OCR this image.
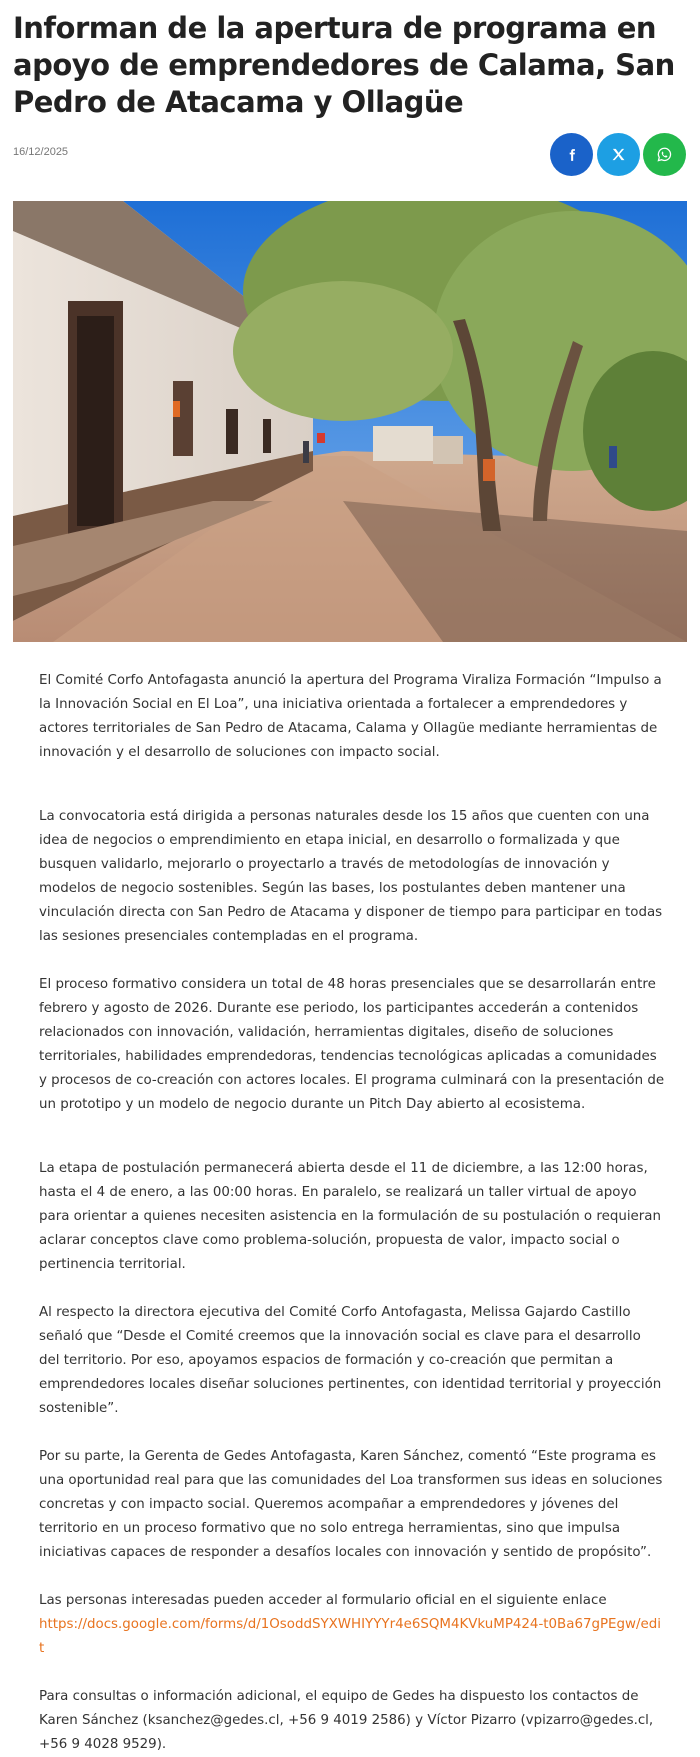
Informan de la apertura de programa en apoyo de emprendedores de Calama, San Pedro de Atacama y Ollagüe
16/12/2025

El Comité Corfo Antofagasta anunció la apertura del Programa Viraliza Formación “Impulso a la Innovación Social en El Loa”, una iniciativa orientada a fortalecer a emprendedores y actores territoriales de San Pedro de Atacama, Calama y Ollagüe mediante herramientas de innovación y el desarrollo de soluciones con impacto social.

La convocatoria está dirigida a personas naturales desde los 15 años que cuenten con una idea de negocios o emprendimiento en etapa inicial, en desarrollo o formalizada y que busquen validarlo, mejorarlo o proyectarlo a través de metodologías de innovación y modelos de negocio sostenibles. Según las bases, los postulantes deben mantener una vinculación directa con San Pedro de Atacama y disponer de tiempo para participar en todas las sesiones presenciales contempladas en el programa.

El proceso formativo considera un total de 48 horas presenciales que se desarrollarán entre febrero y agosto de 2026. Durante ese periodo, los participantes accederán a contenidos relacionados con innovación, validación, herramientas digitales, diseño de soluciones territoriales, habilidades emprendedoras, tendencias tecnológicas aplicadas a comunidades y procesos de co-creación con actores locales. El programa culminará con la presentación de un prototipo y un modelo de negocio durante un Pitch Day abierto al ecosistema.

La etapa de postulación permanecerá abierta desde el 11 de diciembre, a las 12:00 horas, hasta el 4 de enero, a las 00:00 horas. En paralelo, se realizará un taller virtual de apoyo para orientar a quienes necesiten asistencia en la formulación de su postulación o requieran aclarar conceptos clave como problema-solución, propuesta de valor, impacto social o pertinencia territorial.

Al respecto la directora ejecutiva del Comité Corfo Antofagasta, Melissa Gajardo Castillo señaló que “Desde el Comité creemos que la innovación social es clave para el desarrollo del territorio. Por eso, apoyamos espacios de formación y co-creación que permitan a emprendedores locales diseñar soluciones pertinentes, con identidad territorial y proyección sostenible”.

Por su parte, la Gerenta de Gedes Antofagasta, Karen Sánchez, comentó “Este programa es una oportunidad real para que las comunidades del Loa transformen sus ideas en soluciones concretas y con impacto social. Queremos acompañar a emprendedores y jóvenes del territorio en un proceso formativo que no solo entrega herramientas, sino que impulsa iniciativas capaces de responder a desafíos locales con innovación y sentido de propósito”.

Las personas interesadas pueden acceder al formulario oficial en el siguiente enlace
https://docs.google.com/forms/d/1OsoddSYXWHIYYYr4e6SQM4KVkuMP424-t0Ba67gPEgw/edit

Para consultas o información adicional, el equipo de Gedes ha dispuesto los contactos de Karen Sánchez (ksanchez@gedes.cl, +56 9 4019 2586) y Víctor Pizarro (vpizarro@gedes.cl, +56 9 4028 9529).
